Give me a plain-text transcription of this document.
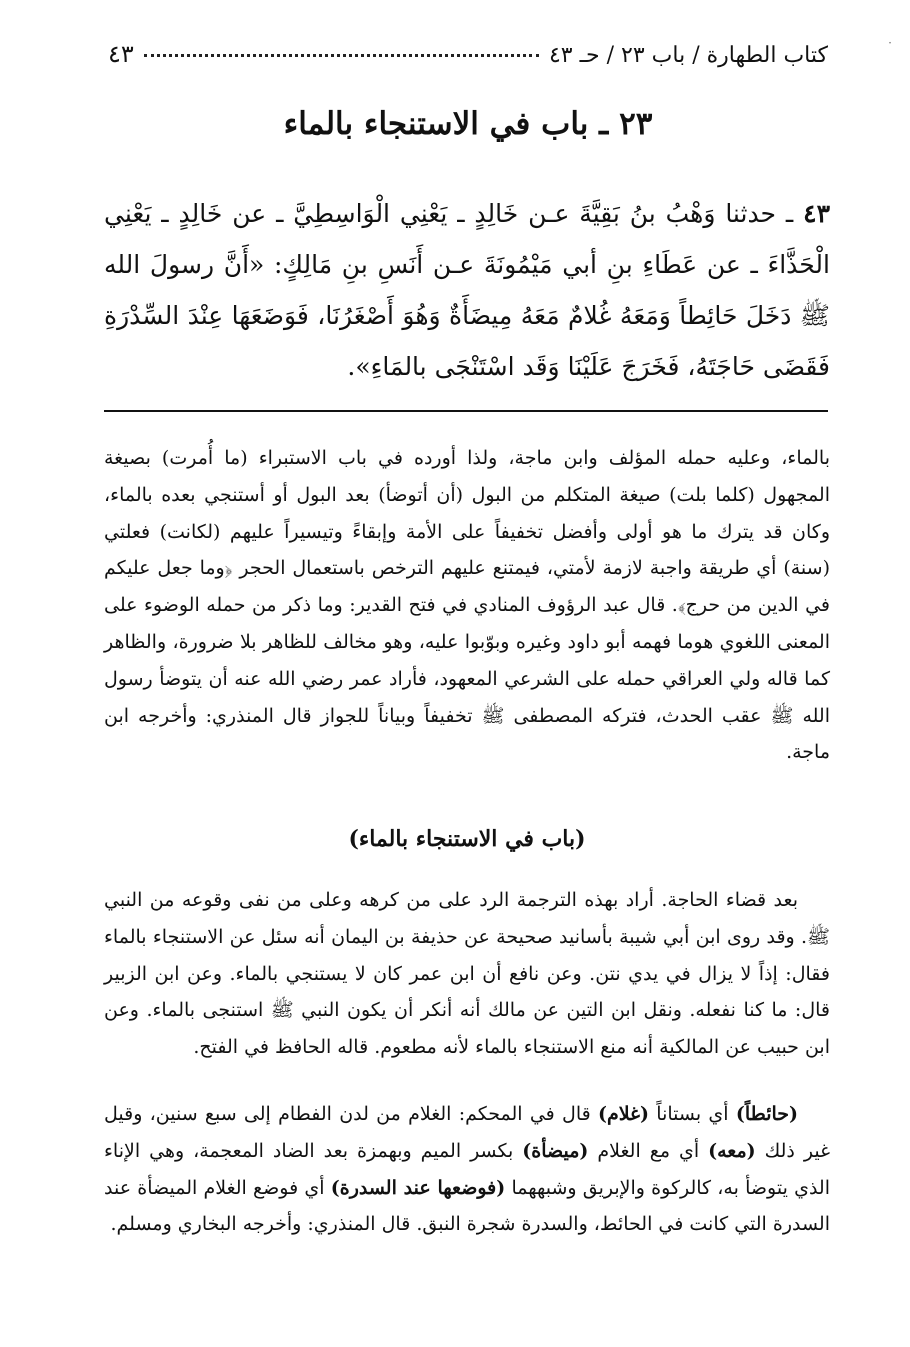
·
كتاب الطهارة / باب ٢٣ / حـ ٤٣
٤٣
٢٣ ـ باب في الاستنجاء بالماء

٤٣ ـ حدثنا وَهْبُ بنُ بَقِيَّةَ عـن خَالِدٍ ـ يَعْنِي الْوَاسِطِيَّ ـ عن خَالِدٍ ـ يَعْنِي الْحَذَّاءَ ـ عن عَطَاءِ بنِ أبي مَيْمُونَةَ عـن أَنَسِ بنِ مَالِكٍ: «أَنَّ رسولَ الله ﷺ دَخَلَ حَائِطاً وَمَعَهُ غُلامٌ مَعَهُ مِيضَأَةٌ وَهُوَ أَصْغَرُنَا، فَوَضَعَهَا عِنْدَ السِّدْرَةِ فَقَضَى حَاجَتَهُ، فَخَرَجَ عَلَيْنَا وَقَد اسْتَنْجَى بالمَاءِ».

بالماء، وعليه حمله المؤلف وابن ماجة، ولذا أورده في باب الاستبراء (ما أُمرت) بصيغة المجهول (كلما بلت) صيغة المتكلم من البول (أن أتوضأ) بعد البول أو أستنجي بعده بالماء، وكان قد يترك ما هو أولى وأفضل تخفيفاً على الأمة وإبقاءً وتيسيراً عليهم (لكانت) فعلتي (سنة) أي طريقة واجبة لازمة لأمتي، فيمتنع عليهم الترخص باستعمال الحجر ﴿وما جعل عليكم في الدين من حرج﴾. قال عبد الرؤوف المنادي في فتح القدير: وما ذكر من حمله الوضوء على المعنى اللغوي هوما فهمه أبو داود وغيره وبوّبوا عليه، وهو مخالف للظاهر بلا ضرورة، والظاهر كما قاله ولي العراقي حمله على الشرعي المعهود، فأراد عمر رضي الله عنه أن يتوضأ رسول الله ﷺ عقب الحدث، فتركه المصطفى ﷺ تخفيفاً وبياناً للجواز قال المنذري: وأخرجه ابن ماجة.

(باب في الاستنجاء بالماء)

بعد قضاء الحاجة. أراد بهذه الترجمة الرد على من كرهه وعلى من نفى وقوعه من النبي ﷺ. وقد روى ابن أبي شيبة بأسانيد صحيحة عن حذيفة بن اليمان أنه سئل عن الاستنجاء بالماء فقال: إذاً لا يزال في يدي نتن. وعن نافع أن ابن عمر كان لا يستنجي بالماء. وعن ابن الزبير قال: ما كنا نفعله. ونقل ابن التين عن مالك أنه أنكر أن يكون النبي ﷺ استنجى بالماء. وعن ابن حبيب عن المالكية أنه منع الاستنجاء بالماء لأنه مطعوم. قاله الحافظ في الفتح.

(حائطاً) أي بستاناً (غلام) قال في المحكم: الغلام من لدن الفطام إلى سبع سنين، وقيل غير ذلك (معه) أي مع الغلام (ميضأة) بكسر الميم وبهمزة بعد الضاد المعجمة، وهي الإناء الذي يتوضأ به، كالركوة والإبريق وشبههما (فوضعها عند السدرة) أي فوضع الغلام الميضأة عند السدرة التي كانت في الحائط، والسدرة شجرة النبق. قال المنذري: وأخرجه البخاري ومسلم.
